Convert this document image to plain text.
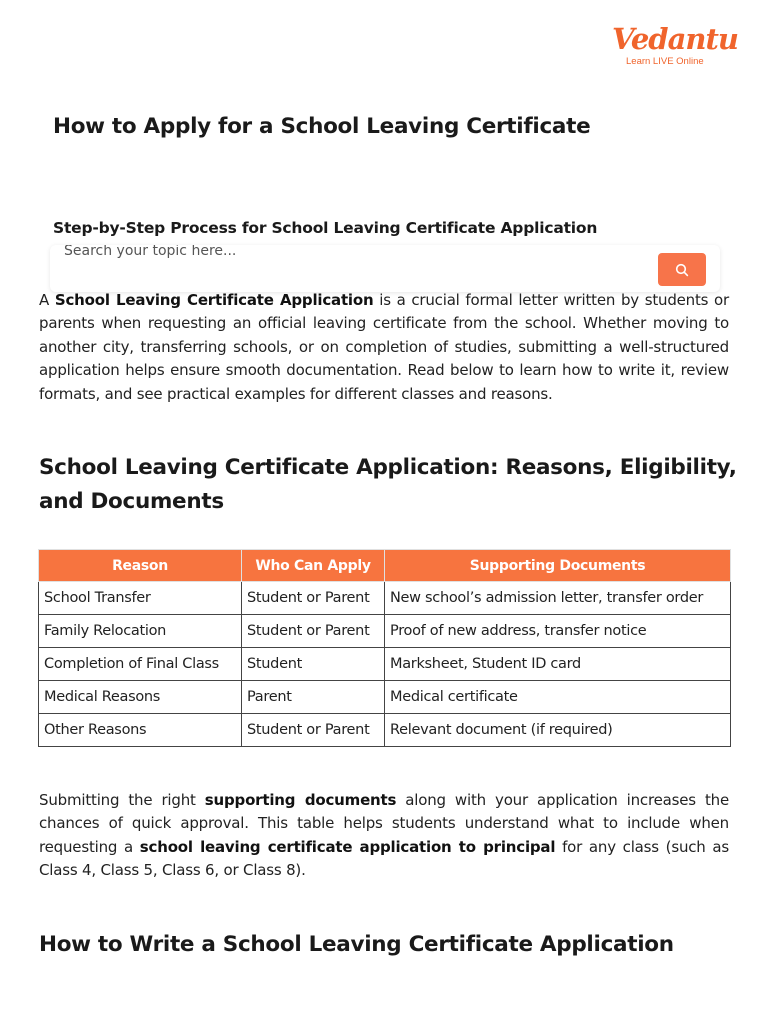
Vedantu
Learn LIVE Online
How to Apply for a School Leaving Certificate
Step-by-Step Process for School Leaving Certificate Application
Search your topic here...

A School Leaving Certificate Application is a crucial formal letter written by students or parents when requesting an official leaving certificate from the school. Whether moving to another city, transferring schools, or on completion of studies, submitting a well-structured application helps ensure smooth documentation. Read below to learn how to write it, review formats, and see practical examples for different classes and reasons.

School Leaving Certificate Application: Reasons, Eligibility, and Documents
Reason	Who Can Apply	Supporting Documents
School Transfer	Student or Parent	New school’s admission letter, transfer order
Family Relocation	Student or Parent	Proof of new address, transfer notice
Completion of Final Class	Student	Marksheet, Student ID card
Medical Reasons	Parent	Medical certificate
Other Reasons	Student or Parent	Relevant document (if required)

Submitting the right supporting documents along with your application increases the chances of quick approval. This table helps students understand what to include when requesting a school leaving certificate application to principal for any class (such as Class 4, Class 5, Class 6, or Class 8).

How to Write a School Leaving Certificate Application
